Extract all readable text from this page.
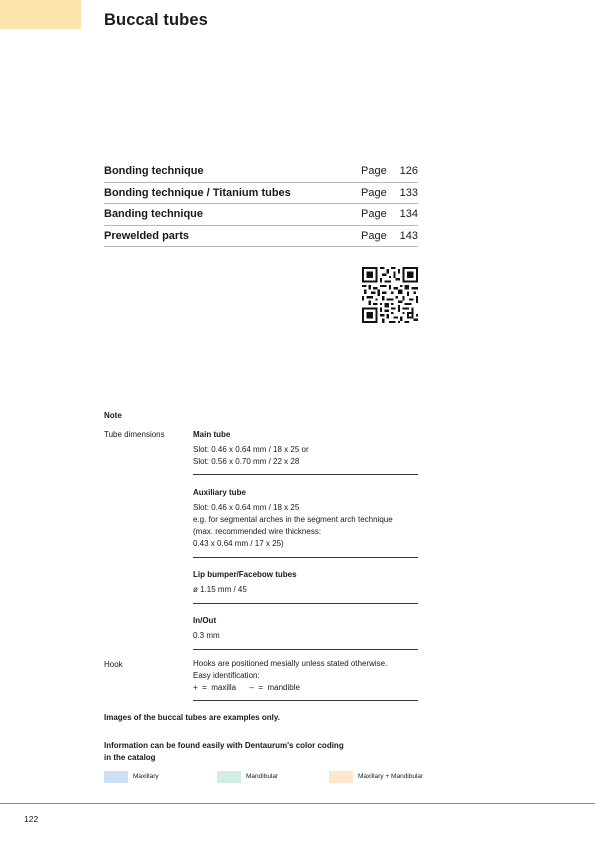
Buccal tubes
Bonding technique	Page 126
Bonding technique / Titanium tubes	Page 133
Banding technique	Page 134
Prewelded parts	Page 143
Note
Tube dimensions	Main tube

Slot: 0.46 x 0.64 mm / 18 x 25 or

Slot: 0.56 x 0.70 mm / 22 x 28

Auxiliary tube

Slot: 0.46 x 0.64 mm / 18 x 25

e.g. for segmental arches in the segment arch technique

(max. recommended wire thickness:

0.43 x 0.64 mm / 17 x 25)

Lip bumper/Facebow tubes

ø 1.15 mm / 45

In/Out

0.3 mm

Hook	Hooks are positioned mesially unless stated otherwise.

Easy identification:

+  =  maxilla      –  =  mandible

Images of the buccal tubes are examples only.
Information can be found easily with Dentaurum's color coding
in the catalog
Maxillary	Mandibular	Maxillary + Mandibular
122
